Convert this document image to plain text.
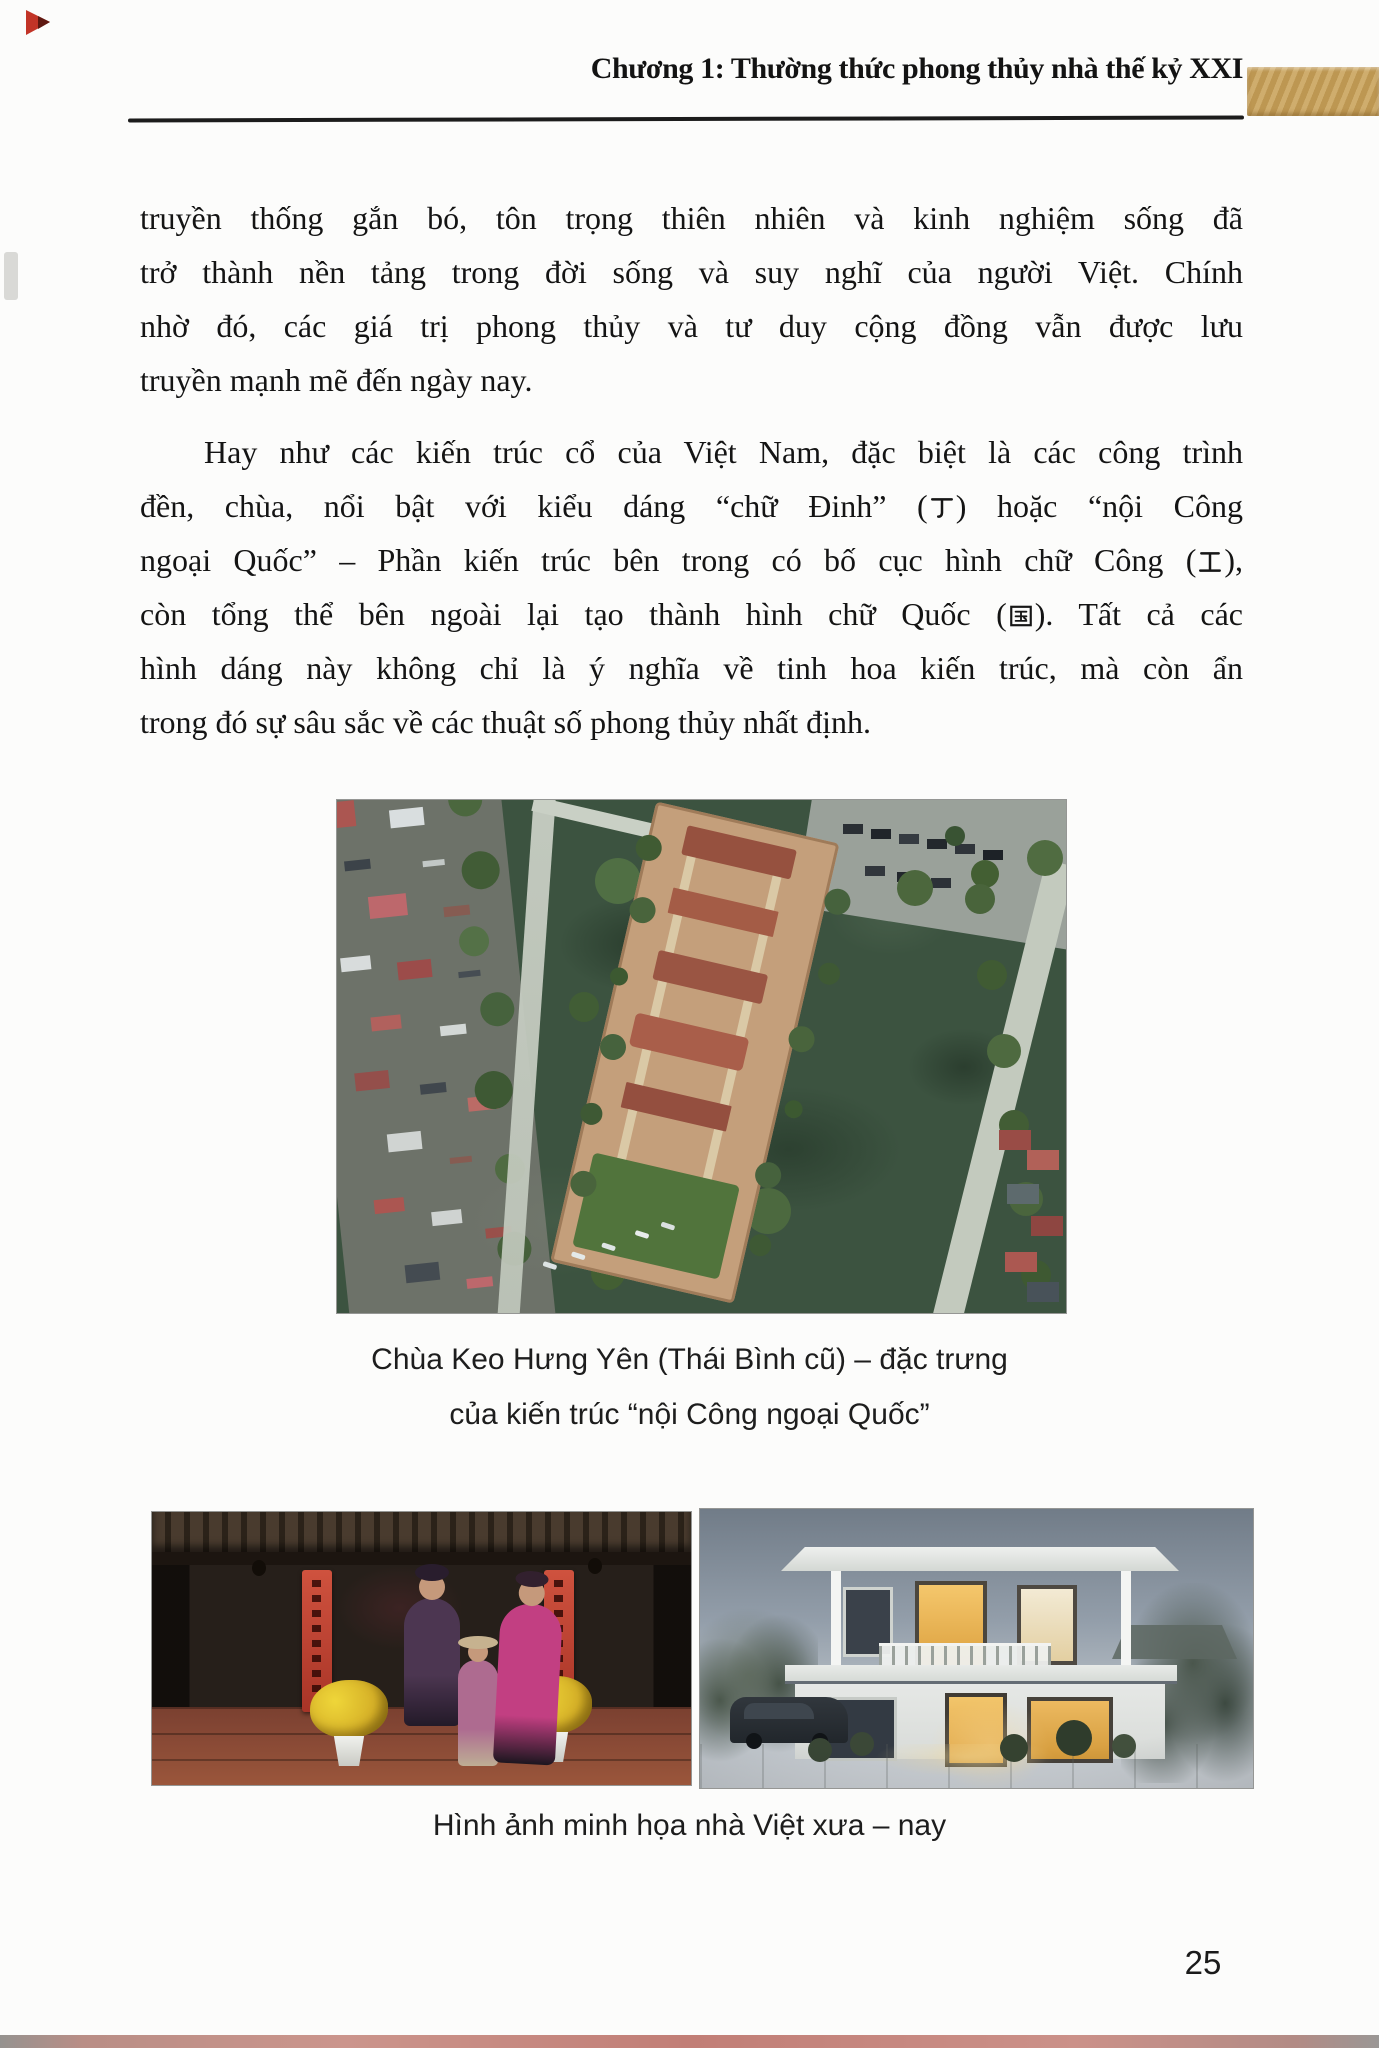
Chương 1: Thường thức phong thủy nhà thế kỷ XXI
truyền thống gắn bó, tôn trọng thiên nhiên và kinh nghiệm sống đã
trở thành nền tảng trong đời sống và suy nghĩ của người Việt. Chính
nhờ đó, các giá trị phong thủy và tư duy cộng đồng vẫn được lưu
truyền mạnh mẽ đến ngày nay.
Hay như các kiến trúc cổ của Việt Nam, đặc biệt là các công trình
đền, chùa, nổi bật với kiểu dáng “chữ Đinh” ( ) hoặc “nội Công
ngoại Quốc” – Phần kiến trúc bên trong có bố cục hình chữ Công ( ),
còn tổng thể bên ngoài lại tạo thành hình chữ Quốc ( ). Tất cả các
hình dáng này không chỉ là ý nghĩa về tinh hoa kiến trúc, mà còn ẩn
trong đó sự sâu sắc về các thuật số phong thủy nhất định.
Chùa Keo Hưng Yên (Thái Bình cũ) – đặc trưng
của kiến trúc “nội Công ngoại Quốc”
Hình ảnh minh họa nhà Việt xưa – nay
25
